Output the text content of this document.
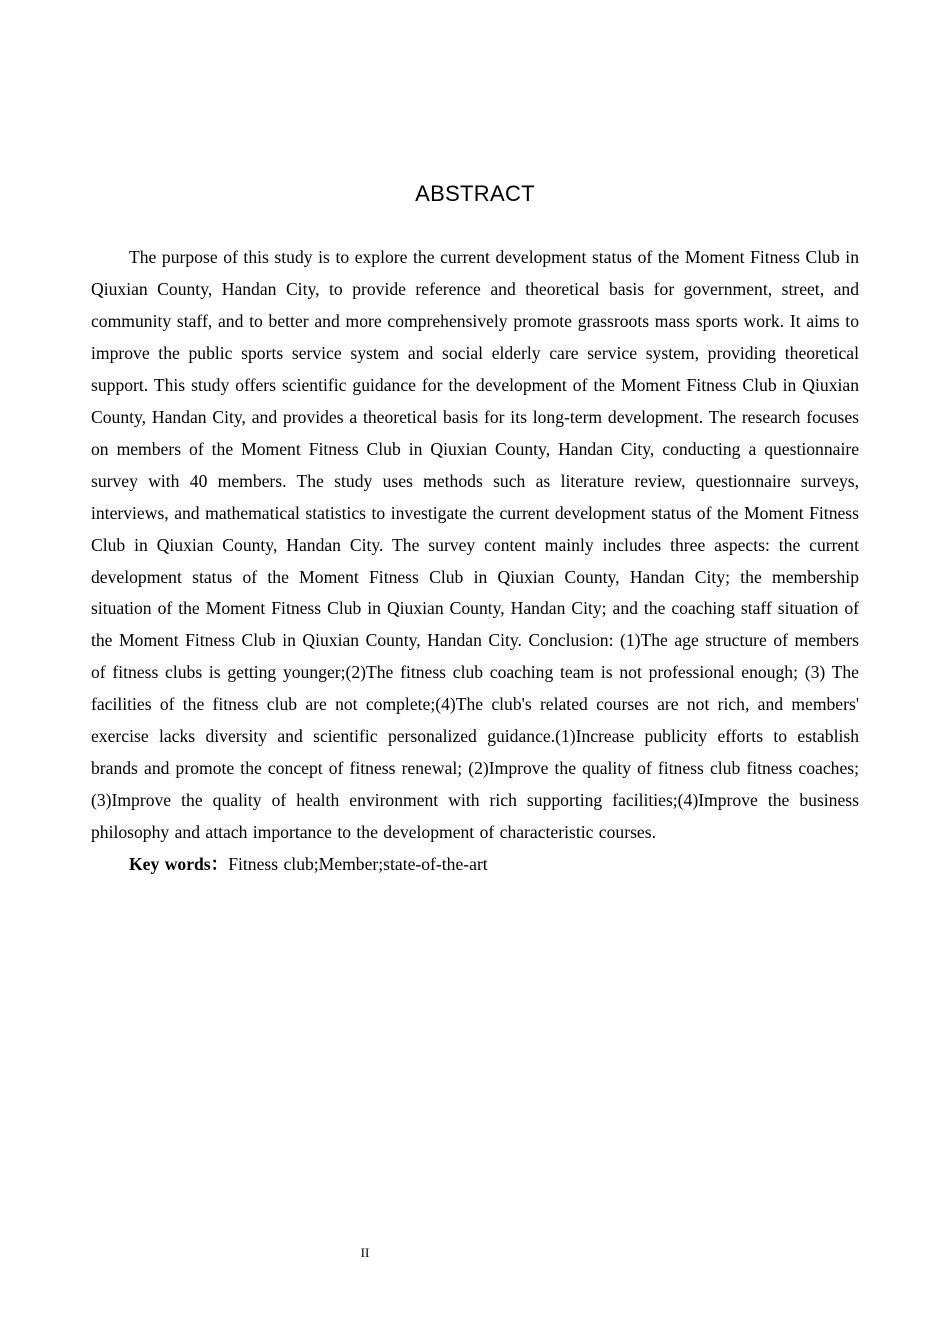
ABSTRACT

The purpose of this study is to explore the current development status of the Moment Fitness Club in Qiuxian County, Handan City, to provide reference and theoretical basis for government, street, and community staff, and to better and more comprehensively promote grassroots mass sports work. It aims to improve the public sports service system and social elderly care service system, providing theoretical support. This study offers scientific guidance for the development of the Moment Fitness Club in Qiuxian County, Handan City, and provides a theoretical basis for its long-term development. The research focuses on members of the Moment Fitness Club in Qiuxian County, Handan City, conducting a questionnaire survey with 40 members. The study uses methods such as literature review, questionnaire surveys, interviews, and mathematical statistics to investigate the current development status of the Moment Fitness Club in Qiuxian County, Handan City. The survey content mainly includes three aspects: the current development status of the Moment Fitness Club in Qiuxian County, Handan City; the membership situation of the Moment Fitness Club in Qiuxian County, Handan City; and the coaching staff situation of the Moment Fitness Club in Qiuxian County, Handan City. Conclusion: (1)The age structure of members of fitness clubs is getting younger;(2)The fitness club coaching team is not professional enough; (3) The facilities of the fitness club are not complete;(4)The club's related courses are not rich, and members' exercise lacks diversity and scientific personalized guidance.(1)Increase publicity efforts to establish brands and promote the concept of fitness renewal; (2)Improve the quality of fitness club fitness coaches; (3)Improve the quality of health environment with rich supporting facilities;(4)Improve the business philosophy and attach importance to the development of characteristic courses.

Key words：Fitness club;Member;state-of-the-art

II
